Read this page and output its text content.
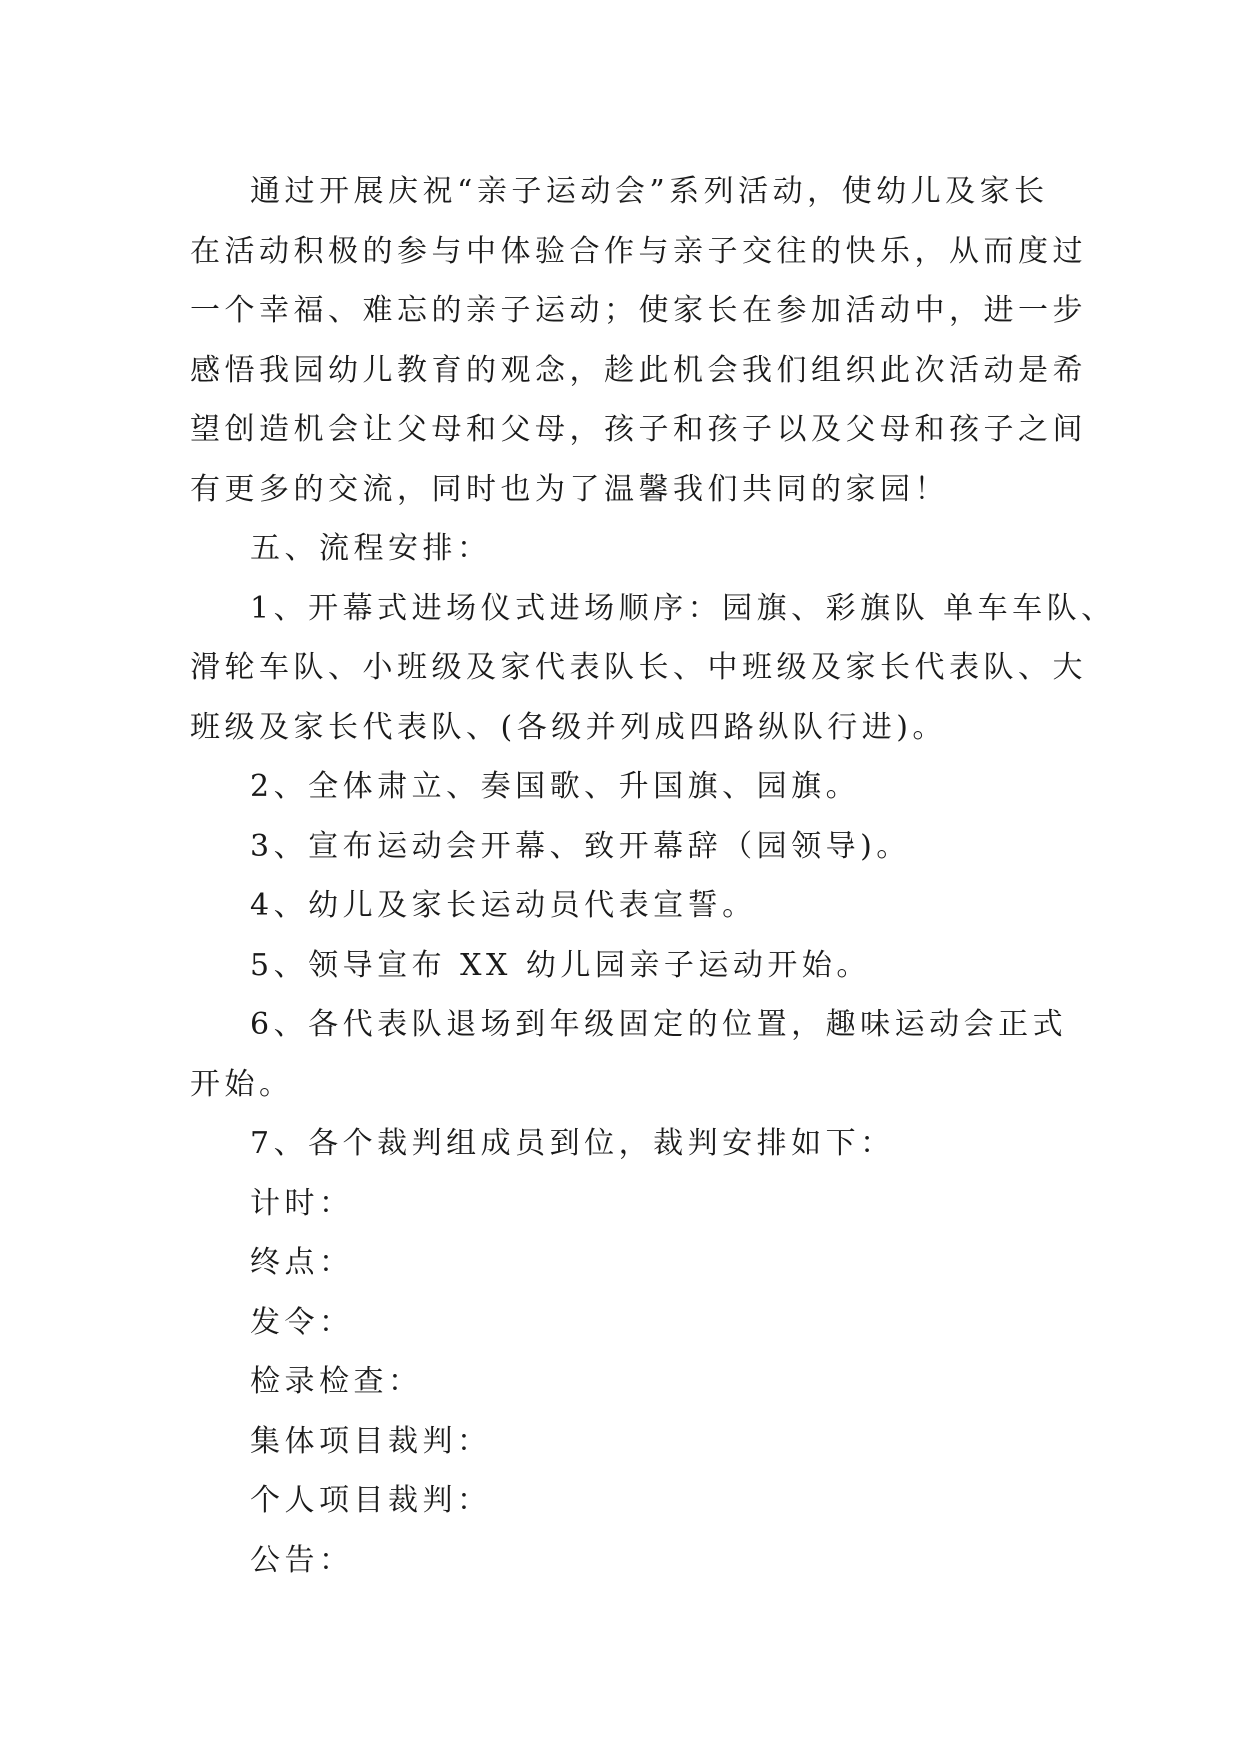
通过开展庆祝“亲子运动会”系列活动，使幼儿及家长
在活动积极的参与中体验合作与亲子交往的快乐，从而度过
一个幸福、难忘的亲子运动；使家长在参加活动中，进一步
感悟我园幼儿教育的观念，趁此机会我们组织此次活动是希
望创造机会让父母和父母，孩子和孩子以及父母和孩子之间
有更多的交流，同时也为了温馨我们共同的家园！
五、流程安排：
1、开幕式进场仪式进场顺序：园旗、彩旗队 单车车队、
滑轮车队、小班级及家代表队长、中班级及家长代表队、大
班级及家长代表队、(各级并列成四路纵队行进)。
2、全体肃立、奏国歌、升国旗、园旗。
3、宣布运动会开幕、致开幕辞（园领导)。
4、幼儿及家长运动员代表宣誓。
5、领导宣布 XX 幼儿园亲子运动开始。
6、各代表队退场到年级固定的位置，趣味运动会正式
开始。
7、各个裁判组成员到位，裁判安排如下：
计时：
终点：
发令：
检录检查：
集体项目裁判：
个人项目裁判：
公告：
